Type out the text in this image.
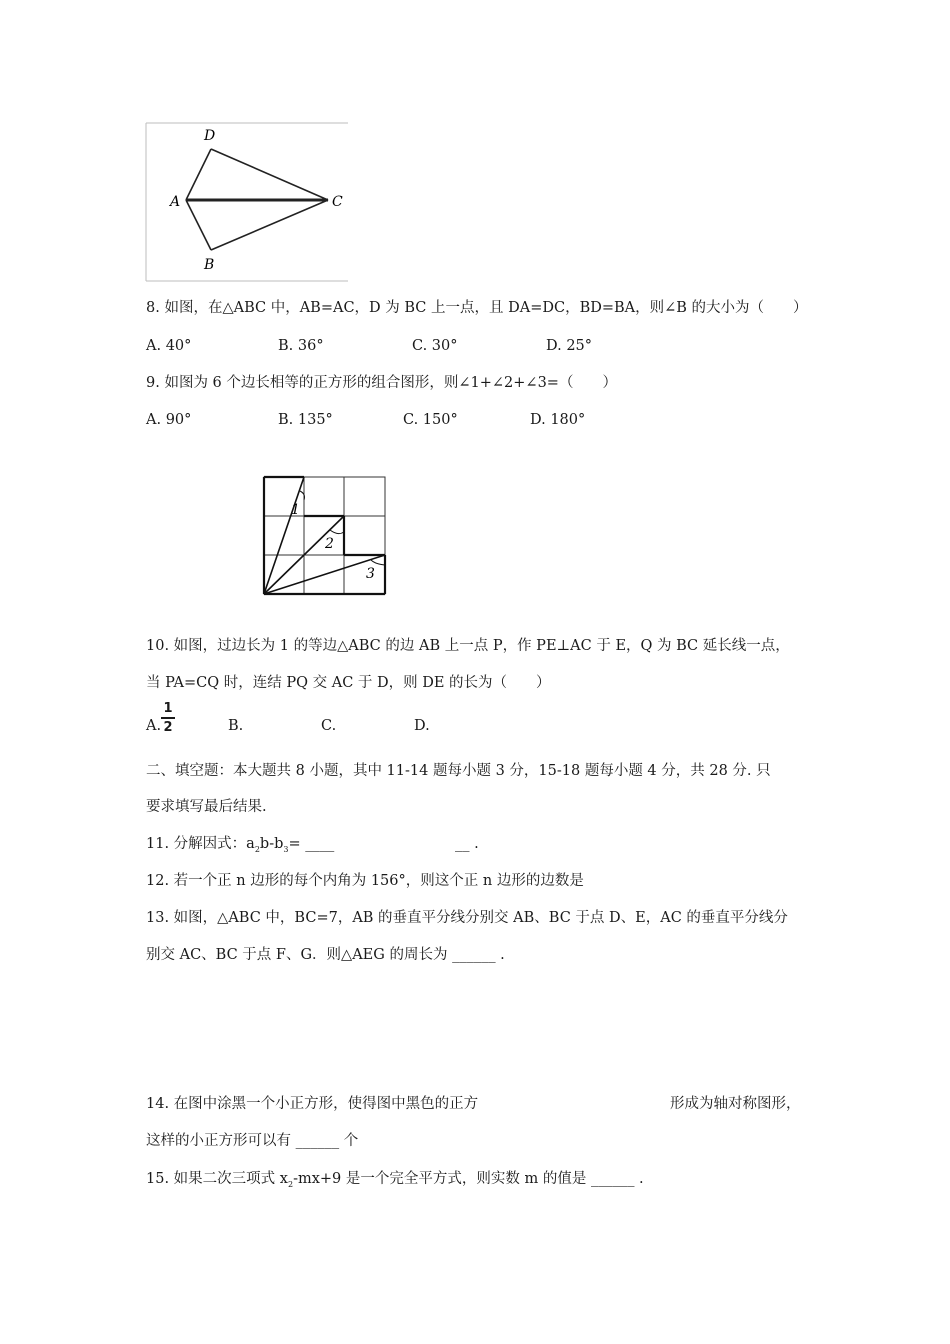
D
A	C
B
8. 如图，在△ABC 中，AB=AC，D 为 BC 上一点，且 DA=DC，BD=BA，则∠B 的大小为（　　）
A. 40°	B. 36°	C. 30°	D. 25°
9. 如图为 6 个边长相等的正方形的组合图形，则∠1+∠2+∠3=（　　）
A. 90°	B. 135°	C. 150°	D. 180°
1
2
3
10. 如图，过边长为 1 的等边△ABC 的边 AB 上一点 P，作 PE⊥AC 于 E，Q 为 BC 延长线一点，
当 PA=CQ 时，连结 PQ 交 AC 于 D，则 DE 的长为（　　）
A.
1
2	B.	C.	D.
二、填空题：本大题共 8 小题，其中 11-14 题每小题 3 分，15-18 题每小题 4 分，共 28 分. 只
要求填写最后结果.
11. 分解因式：$a_2b-b_3=$ ____	__ .
12. 若一个正 n 边形的每个内角为 156°，则这个正 n 边形的边数是
13. 如图，△ABC 中，BC=7，AB 的垂直平分线分别交 AB、BC 于点 D、E，AC 的垂直平分线分
别交 AC、BC 于点 F、G．则△AEG 的周长为 ______ .
14. 在图中涂黑一个小正方形，使得图中黑色的正方	形成为轴对称图形，
这样的小正方形可以有 ______ 个
15. 如果二次三项式 $x_2-mx+9$ 是一个完全平方式，则实数 m 的值是 ______ .
